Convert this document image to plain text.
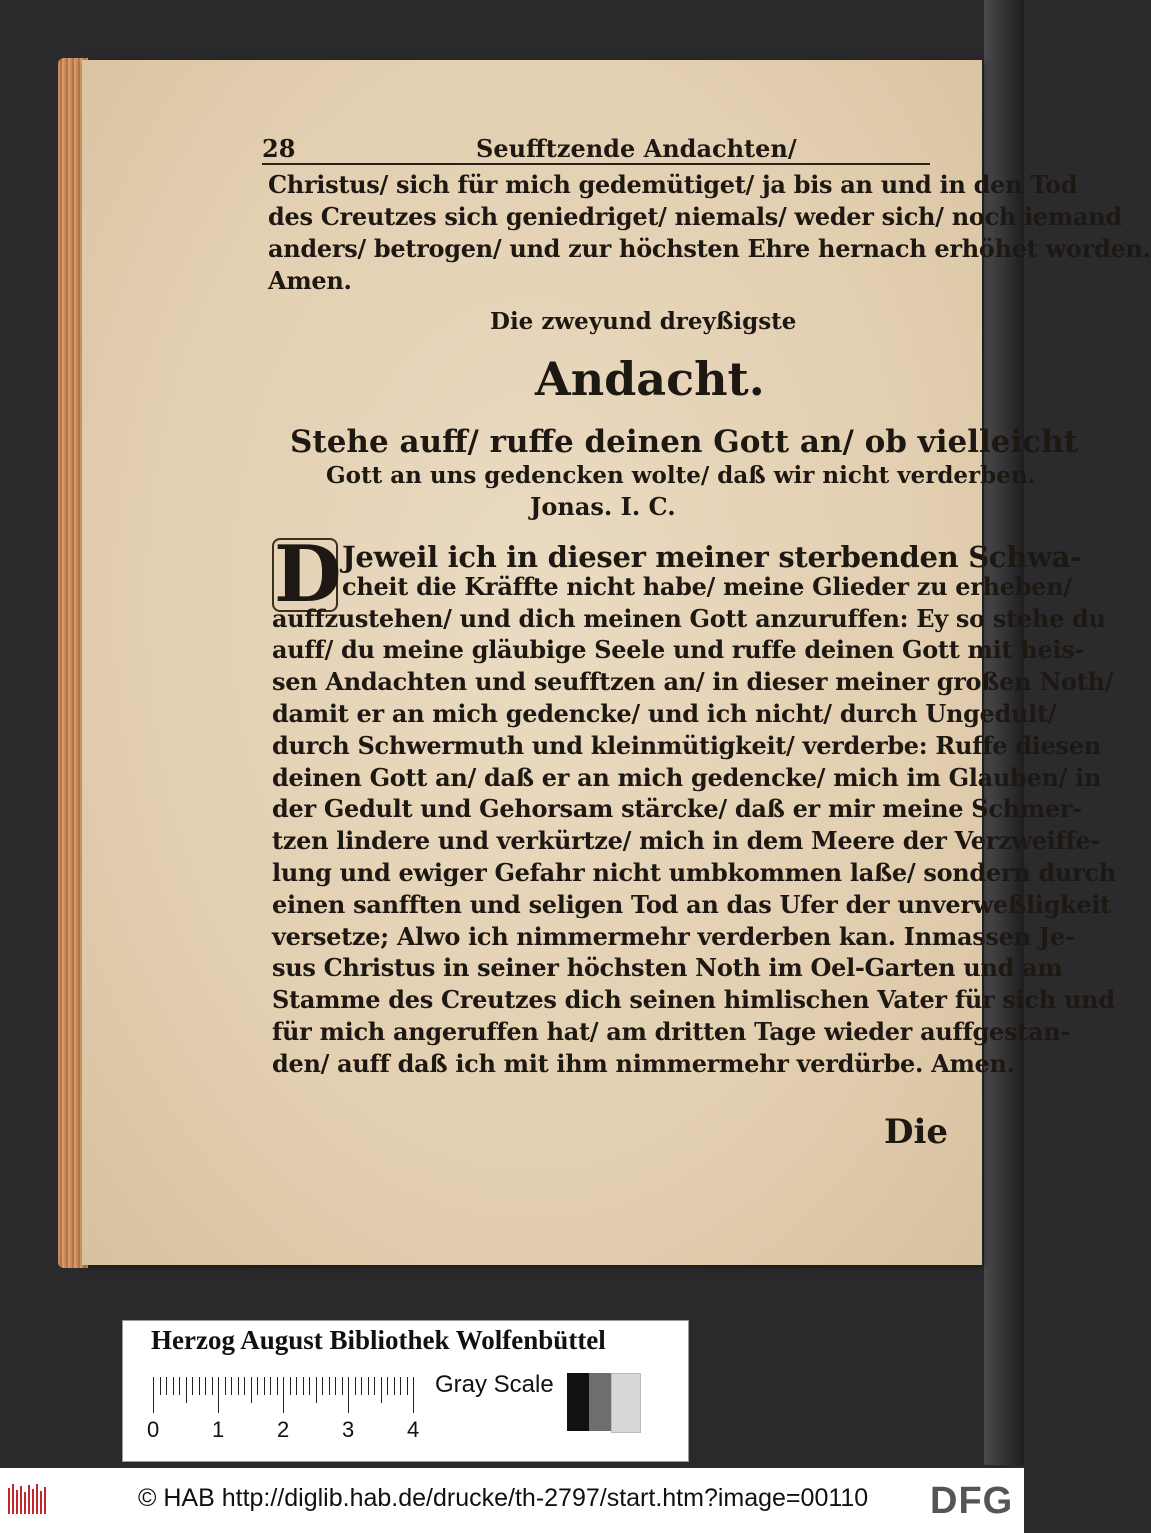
28	Seufftzende Andachten/
Christus/ sich für mich gedemütiget/ ja bis an und in den Tod
des Creutzes sich geniedriget/ niemals/ weder sich/ noch iemand
anders/ betrogen/ und zur höchsten Ehre hernach erhöhet worden.
Amen.
Die zweyund dreyßigste
Andacht.
Stehe auff/ ruffe deinen Gott an/ ob vielleicht
Gott an uns gedencken wolte/ daß wir nicht verderben.
Jonas. I. C.
D Jeweil ich in dieser meiner sterbenden Schwa-
cheit die Kräffte nicht habe/ meine Glieder zu erheben/
auffzustehen/ und dich meinen Gott anzuruffen: Ey so stehe du
auff/ du meine gläubige Seele und ruffe deinen Gott mit heis-
sen Andachten und seufftzen an/ in dieser meiner großen Noth/
damit er an mich gedencke/ und ich nicht/ durch Ungedult/
durch Schwermuth und kleinmütigkeit/ verderbe: Ruffe diesen
deinen Gott an/ daß er an mich gedencke/ mich im Glauben/ in
der Gedult und Gehorsam stärcke/ daß er mir meine Schmer-
tzen lindere und verkürtze/ mich in dem Meere der Verzweiffe-
lung und ewiger Gefahr nicht umbkommen laße/ sondern durch
einen sanfften und seligen Tod an das Ufer der unverweßligkeit
versetze; Alwo ich nimmermehr verderben kan. Inmassen Je-
sus Christus in seiner höchsten Noth im Oel-Garten und am
Stamme des Creutzes dich seinen himlischen Vater für sich und
für mich angeruffen hat/ am dritten Tage wieder auffgestan-
den/ auff daß ich mit ihm nimmermehr verdürbe. Amen.
Die
Herzog August Bibliothek Wolfenbüttel
0 1 2 3 4
Gray Scale
© HAB http://diglib.hab.de/drucke/th-2797/start.htm?image=00110 DFG
